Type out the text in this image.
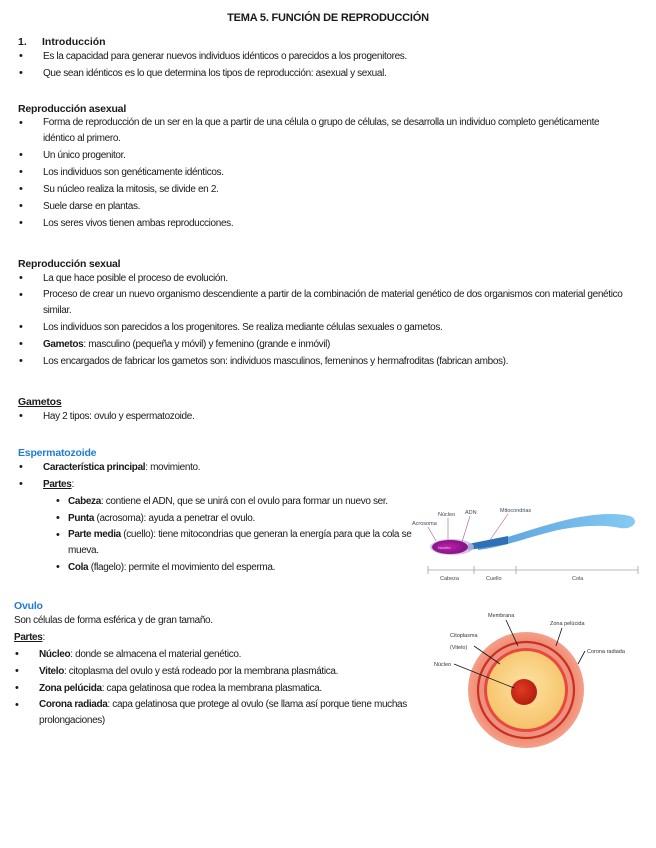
TEMA 5. FUNCIÓN DE REPRODUCCIÓN
1. Introducción
• Es la capacidad para generar nuevos individuos idénticos o parecidos a los progenitores.
• Que sean idénticos es lo que determina los tipos de reproducción: asexual y sexual.
Reproducción asexual
• Forma de reproducción de un ser en la que a partir de una célula o grupo de células, se desarrolla un individuo completo genéticamente idéntico al primero.
• Un único progenitor.
• Los individuos son genéticamente idénticos.
• Su núcleo realiza la mitosis, se divide en 2.
• Suele darse en plantas.
• Los seres vivos tienen ambas reproducciones.
Reproducción sexual
• La que hace posible el proceso de evolución.
• Proceso de crear un nuevo organismo descendiente a partir de la combinación de material genético de dos organismos con material genético similar.
• Los individuos son parecidos a los progenitores. Se realiza mediante células sexuales o gametos.
• Gametos: masculino (pequeña y móvil) y femenino (grande e inmóvil)
• Los encargados de fabricar los gametos son: individuos masculinos, femeninos y hermafroditas (fabrican ambos).
Gametos
• Hay 2 tipos: ovulo y espermatozoide.
Espermatozoide
• Característica principal: movimiento.
• Partes:
• Cabeza: contiene el ADN, que se unirá con el ovulo para formar un nuevo ser.
• Punta (acrosoma): ayuda a penetrar el ovulo.
• Parte media (cuello): tiene mitocondrias que generan la energía para que la cola se mueva.
• Cola (flagelo): permite el movimiento del esperma.
Nucleo
Núcleo ADN	Mitocondrias
Acrosoma
Cabeza	Cuello	Cola
Ovulo
Son células de forma esférica y de gran tamaño.
Partes:
• Núcleo: donde se almacena el material genético.
• Vitelo: citoplasma del ovulo y está rodeado por la membrana plasmática.
• Zona pelúcida: capa gelatinosa que rodea la membrana plasmatica.
• Corona radiada: capa gelatinosa que protege al ovulo (se llama así porque tiene muchas prolongaciones)
Membrana
Zona pelúcida
Citoplasma
(Vitelo)
Corona radiada
Núcleo
